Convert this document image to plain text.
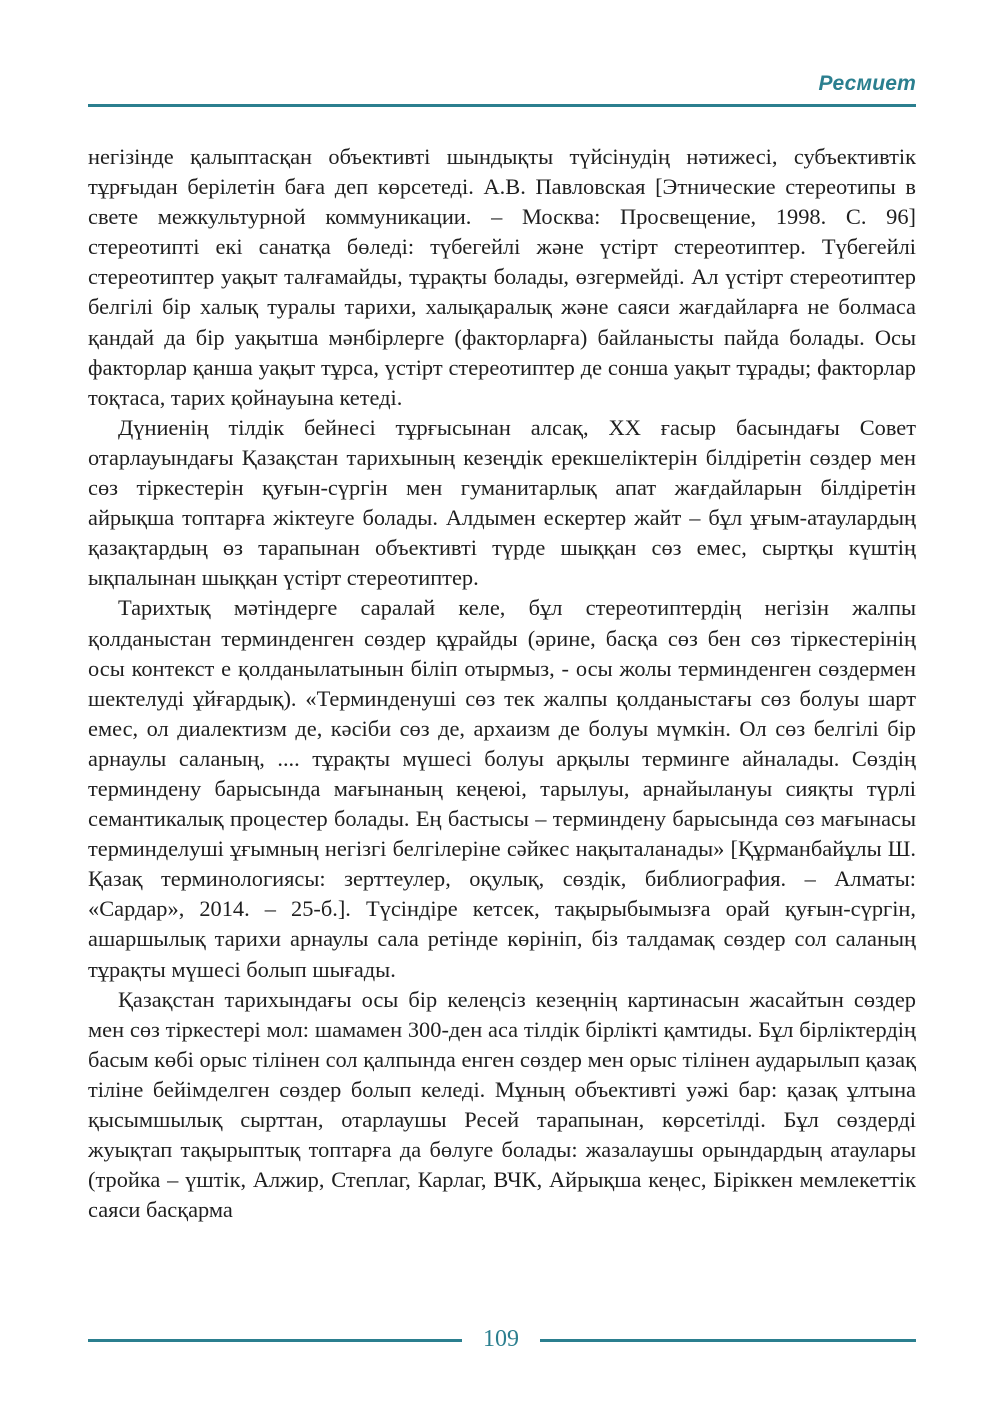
Ресмиет

негізінде қалыптасқан объективті шындықты түйсінудің нәтижесі, субъективтік тұрғыдан берілетін баға деп көрсетеді. А.В. Павловская [Этнические стереотипы в свете межкультурной коммуникации. – Москва: Просвещение, 1998. С. 96] стереотипті екі санатқа бөледі: түбегейлі және үстірт стереотиптер. Түбегейлі стереотиптер уақыт талғамайды, тұрақты болады, өзгермейді. Ал үстірт стереотиптер белгілі бір халық туралы тарихи, халықаралық және саяси жағдайларға не болмаса қандай да бір уақытша мәнбірлерге (факторларға) байланысты пайда болады. Осы факторлар қанша уақыт тұрса, үстірт стереотиптер де сонша уақыт тұрады; факторлар тоқтаса, тарих қойнауына кетеді.

Дүниенің тілдік бейнесі тұрғысынан алсақ, ХХ ғасыр басындағы Совет отарлауындағы Қазақстан тарихының кезеңдік ерекшеліктерін білдіретін сөздер мен сөз тіркестерін қуғын-сүргін мен гуманитарлық апат жағдайларын білдіретін айрықша топтарға жіктеуге болады. Алдымен ескертер жайт – бұл ұғым-атаулардың қазақтардың өз тарапынан объективті түрде шыққан сөз емес, сыртқы күштің ықпалынан шыққан үстірт стереотиптер.

Тарихтық мәтіндерге саралай келе, бұл стереотиптердің негізін жалпы қолданыстан терминденген сөздер құрайды (әрине, басқа сөз бен сөз тіркестерінің осы контекст е қолданылатынын біліп отырмыз, - осы жолы терминденген сөздермен шектелуді ұйғардық). «Терминденуші сөз тек жалпы қолданыстағы сөз болуы шарт емес, ол диалектизм де, кәсіби сөз де, архаизм де болуы мүмкін. Ол сөз белгілі бір арнаулы саланың, .... тұрақты мүшесі болуы арқылы терминге айналады. Сөздің терминдену барысында мағынаның кеңеюі, тарылуы, арнайылануы сияқты түрлі семантикалық процестер болады. Ең бастысы – терминдену барысында сөз мағынасы терминделуші ұғымның негізгі белгілеріне сәйкес нақыталанады» [Құрманбайұлы Ш. Қазақ терминологиясы: зерттеулер, оқулық, сөздік, библиография. – Алматы: «Сардар», 2014. – 25-б.]. Түсіндіре кетсек, тақырыбымызға орай қуғын-сүргін, ашаршылық тарихи арнаулы сала ретінде көрініп, біз талдамақ сөздер сол саланың тұрақты мүшесі болып шығады.

Қазақстан тарихындағы осы бір келеңсіз кезеңнің картинасын жасайтын сөздер мен сөз тіркестері мол: шамамен 300-ден аса тілдік бірлікті қамтиды. Бұл бірліктердің басым көбі орыс тілінен сол қалпында енген сөздер мен орыс тілінен аударылып қазақ тіліне бейімделген сөздер болып келеді. Мұның объективті уәжі бар: қазақ ұлтына қысымшылық сырттан, отарлаушы Ресей тарапынан, көрсетілді. Бұл сөздерді жуықтап тақырыптық топтарға да бөлуге болады: жазалаушы орындардың атаулары (тройка – үштік, Алжир, Степлаг, Карлаг, ВЧК, Айрықша кеңес, Біріккен мемлекеттік саяси басқарма

109
